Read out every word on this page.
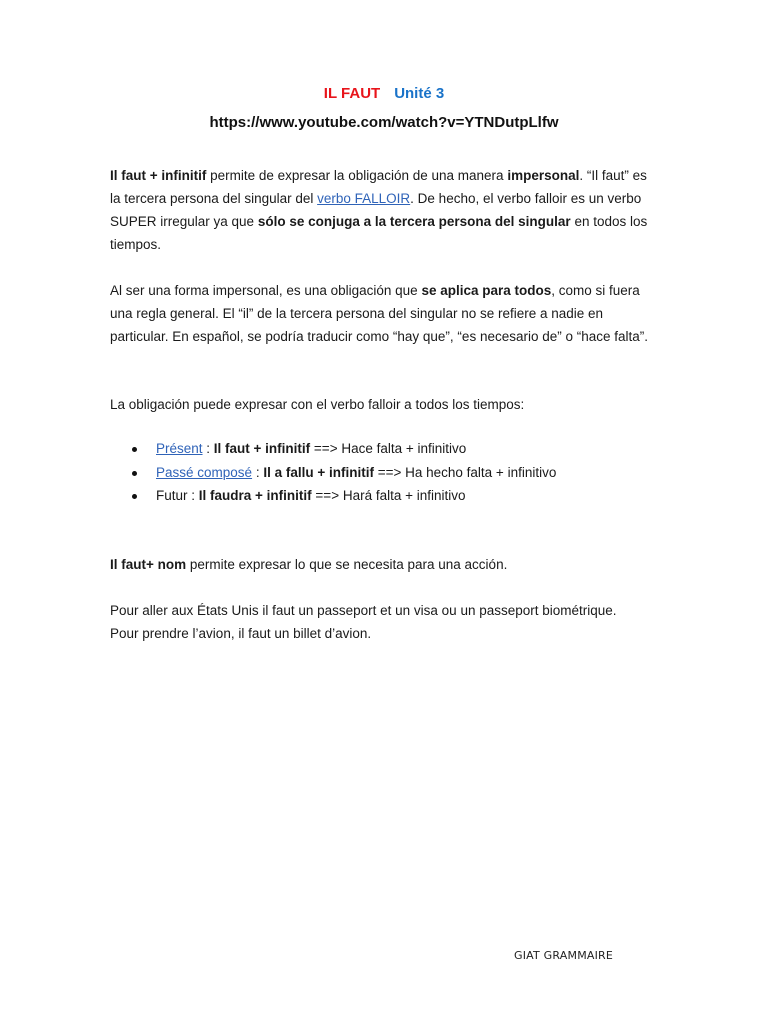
IL FAUT Unité 3
https://www.youtube.com/watch?v=YTNDutpLlfw

Il faut + infinitif permite de expresar la obligación de una manera impersonal. “Il faut” es la tercera persona del singular del verbo FALLOIR. De hecho, el verbo falloir es un verbo SUPER irregular ya que sólo se conjuga a la tercera persona del singular en todos los tiempos.

Al ser una forma impersonal, es una obligación que se aplica para todos, como si fuera una regla general. El “il” de la tercera persona del singular no se refiere a nadie en particular. En español, se podría traducir como “hay que”, “es necesario de” o “hace falta”.

La obligación puede expresar con el verbo falloir a todos los tiempos:

Présent : Il faut + infinitif ==> Hace falta + infinitivo
Passé composé : Il a fallu + infinitif ==> Ha hecho falta + infinitivo
Futur : Il faudra + infinitif ==> Hará falta + infinitivo

Il faut+ nom permite expresar lo que se necesita para una acción.

Pour aller aux États Unis il faut un passeport et un visa ou un passeport biométrique.
Pour prendre l’avion, il faut un billet d’avion.

GIAT GRAMMAIRE
